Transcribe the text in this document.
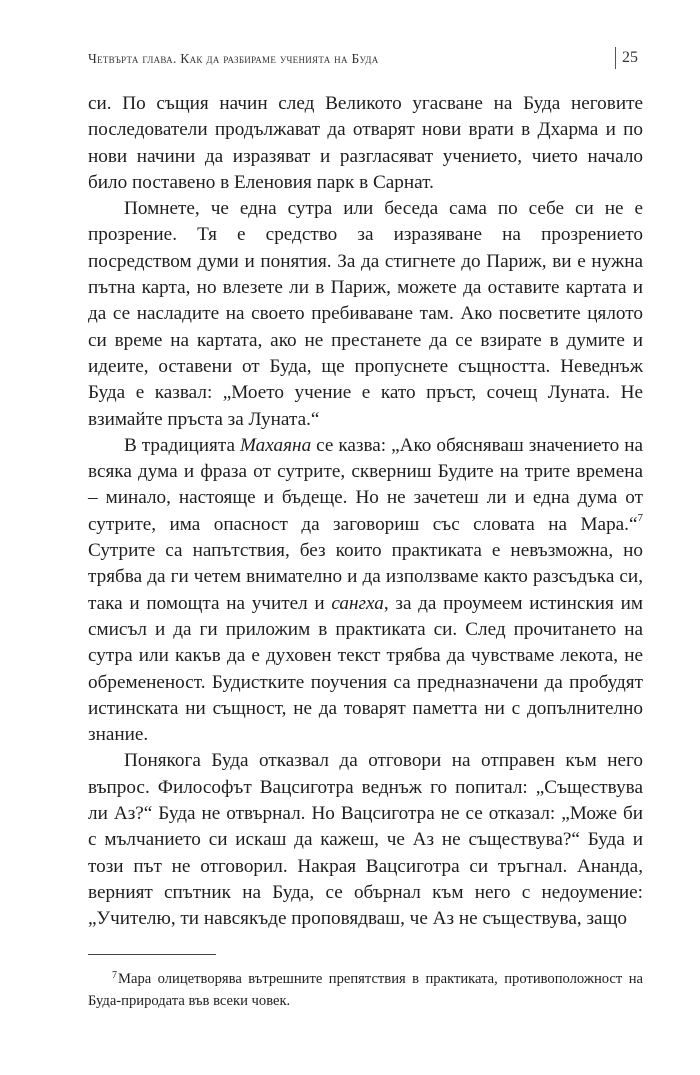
Четвърта глава. Как да разбираме ученията на Буда	25

си. По същия начин след Великото угасване на Буда неговите последователи продължават да отварят нови врати в Дхарма и по нови начини да изразяват и разгласяват учението, чието начало било поставено в Еленовия парк в Сарнат.

Помнете, че една сутра или беседа сама по себе си не е прозрение. Тя е средство за изразяване на прозрението посредством думи и понятия. За да стигнете до Париж, ви е нужна пътна карта, но влезете ли в Париж, можете да оставите картата и да се насладите на своето пребиваване там. Ако посветите цялото си време на картата, ако не престанете да се взирате в думите и идеите, оставени от Буда, ще пропуснете същността. Неведнъж Буда е казвал: „Моето учение е като пръст, сочещ Луната. Не взимайте пръста за Луната.“

В традицията Махаяна се казва: „Ако обясняваш значението на всяка дума и фраза от сутрите, скверниш Будите на трите времена – минало, настояще и бъдеще. Но не зачетеш ли и една дума от сутрите, има опасност да заговориш със словата на Мара.“$^7$ Сутрите са напътствия, без които практиката е невъзможна, но трябва да ги четем внимателно и да използваме както разсъдъка си, така и помощта на учител и сангха, за да проумеем истинския им смисъл и да ги приложим в практиката си. След прочитането на сутра или какъв да е духовен текст трябва да чувстваме лекота, не обремененост. Будистките поучения са предназначени да пробудят истинската ни същност, не да товарят паметта ни с допълнително знание.

Понякога Буда отказвал да отговори на отправен към него въпрос. Философът Вацсиготра веднъж го попитал: „Съществува ли Аз?“ Буда не отвърнал. Но Вацсиготра не се отказал: „Може би с мълчанието си искаш да кажеш, че Аз не съществува?“ Буда и този път не отговорил. Накрая Вацсиготра си тръгнал. Ананда, верният спътник на Буда, се обърнал към него с недоумение: „Учителю, ти навсякъде проповядваш, че Аз не съществува, защо

7Мара олицетворява вътрешните препятствия в практиката, противоположност на Буда-природата във всеки човек.
